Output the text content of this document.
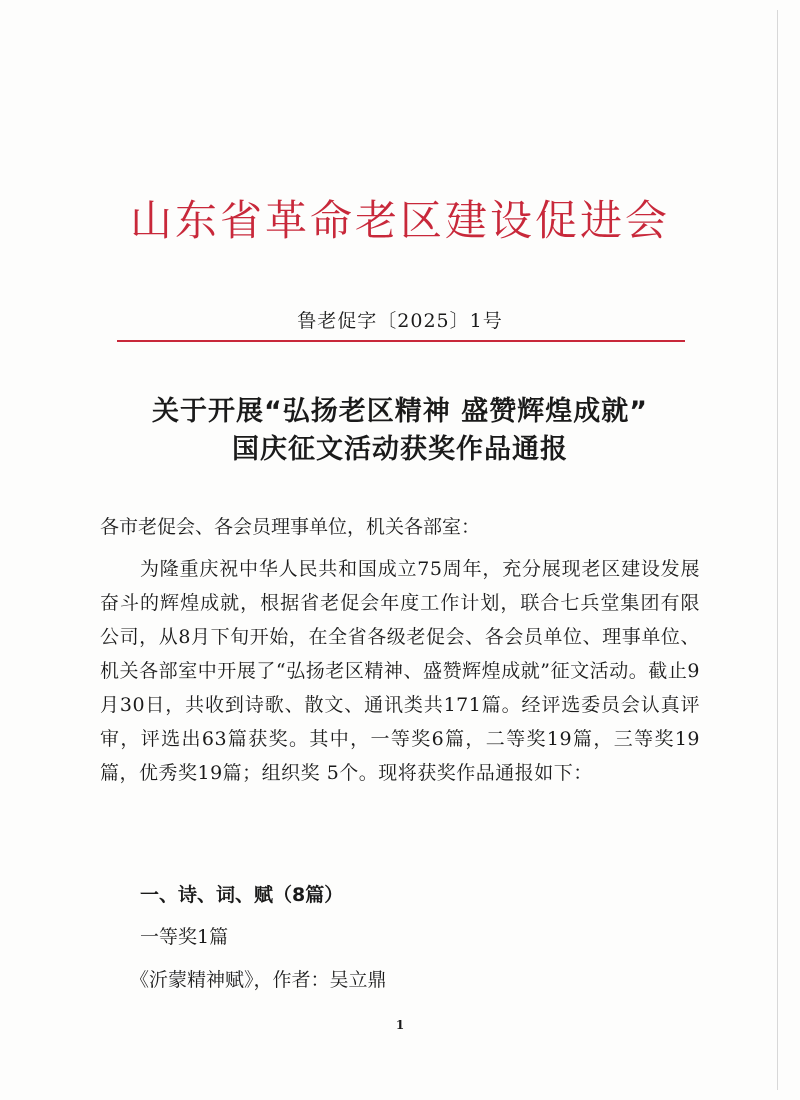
山东省革命老区建设促进会
鲁老促字〔2025〕1号
关于开展“弘扬老区精神 盛赞辉煌成就”
国庆征文活动获奖作品通报

各市老促会、各会员理事单位，机关各部室：

为隆重庆祝中华人民共和国成立75周年，充分展现老区建设发展奋斗的辉煌成就，根据省老促会年度工作计划，联合七兵堂集团有限公司，从8月下旬开始，在全省各级老促会、各会员单位、理事单位、机关各部室中开展了“弘扬老区精神、盛赞辉煌成就”征文活动。截止9月30日，共收到诗歌、散文、通讯类共171篇。经评选委员会认真评审，评选出63篇获奖。其中，一等奖6篇，二等奖19篇，三等奖19篇，优秀奖19篇；组织奖 5个。现将获奖作品通报如下：

一、诗、词、赋（8篇）
一等奖1篇
《沂蒙精神赋》，作者：吴立鼎
1
